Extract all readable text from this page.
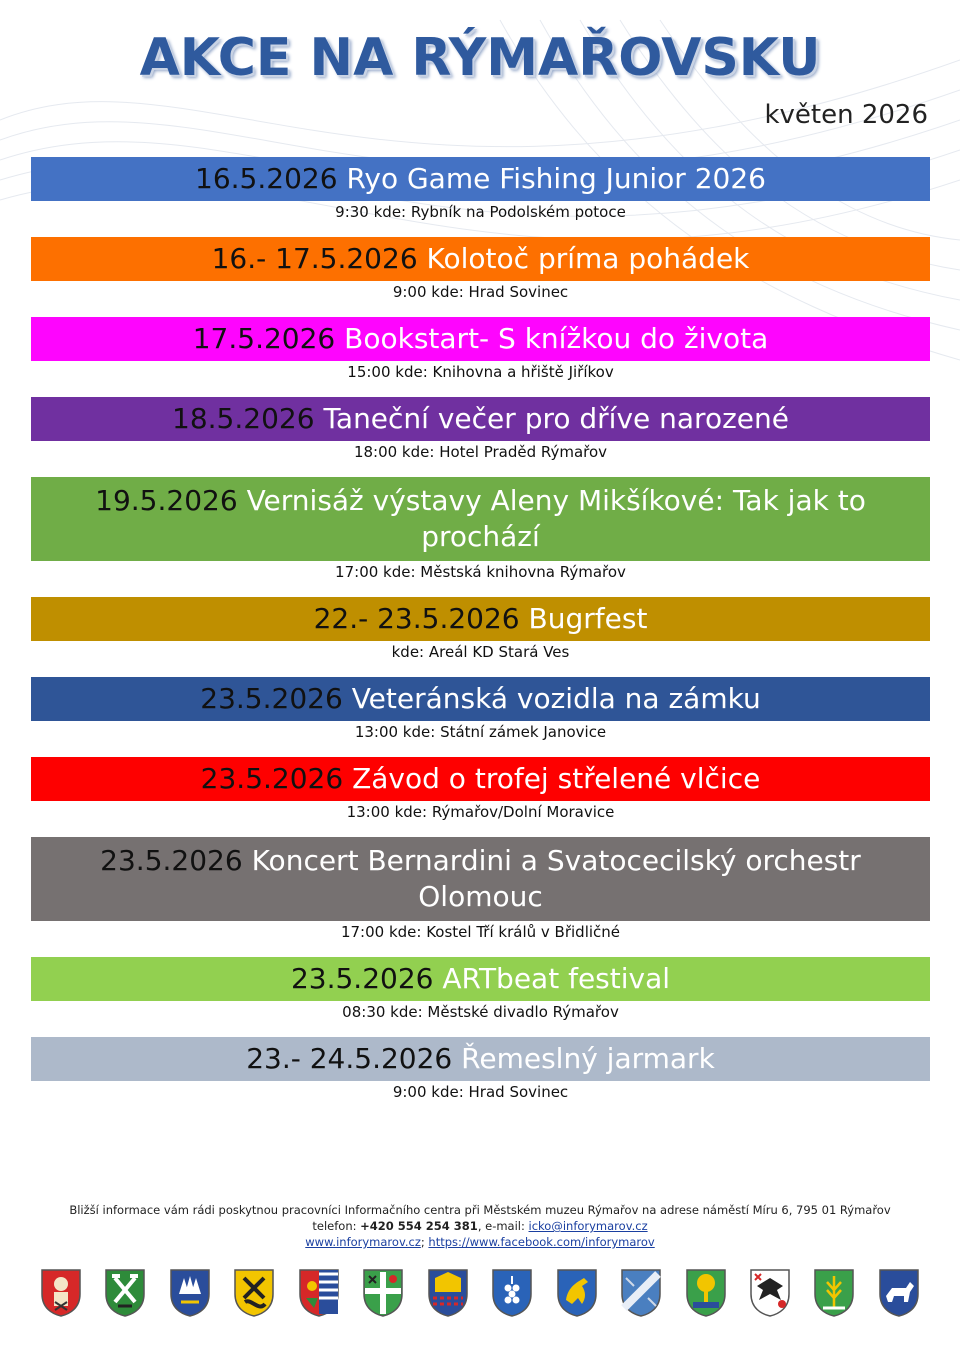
AKCE NA RÝMAŘOVSKU
květen 2026
16.5.2026 Ryo Game Fishing Junior 2026
9:30 kde: Rybník na Podolském potoce
16.- 17.5.2026 Kolotoč príma pohádek
9:00 kde: Hrad Sovinec
17.5.2026 Bookstart- S knížkou do života
15:00 kde: Knihovna a hřiště Jiříkov
18.5.2026 Taneční večer pro dříve narozené
18:00 kde: Hotel Praděd Rýmařov
19.5.2026 Vernisáž výstavy Aleny Mikšíkové: Tak jak to prochází
17:00 kde: Městská knihovna Rýmařov
22.- 23.5.2026 Bugrfest
kde: Areál KD Stará Ves
23.5.2026 Veteránská vozidla na zámku
13:00 kde: Státní zámek Janovice
23.5.2026 Závod o trofej střelené vlčice
13:00 kde: Rýmařov/Dolní Moravice
23.5.2026 Koncert Bernardini a Svatocecilský orchestr Olomouc
17:00 kde: Kostel Tří králů v Břidličné
23.5.2026 ARTbeat festival
08:30 kde: Městské divadlo Rýmařov
23.- 24.5.2026 Řemeslný jarmark
9:00 kde: Hrad Sovinec
Bližší informace vám rádi poskytnou pracovníci Informačního centra při Městském muzeu Rýmařov na adrese náměstí Míru 6, 795 01 Rýmařov
telefon: +420 554 254 381, e-mail: icko@inforymarov.cz
www.inforymarov.cz; https://www.facebook.com/inforymarov
